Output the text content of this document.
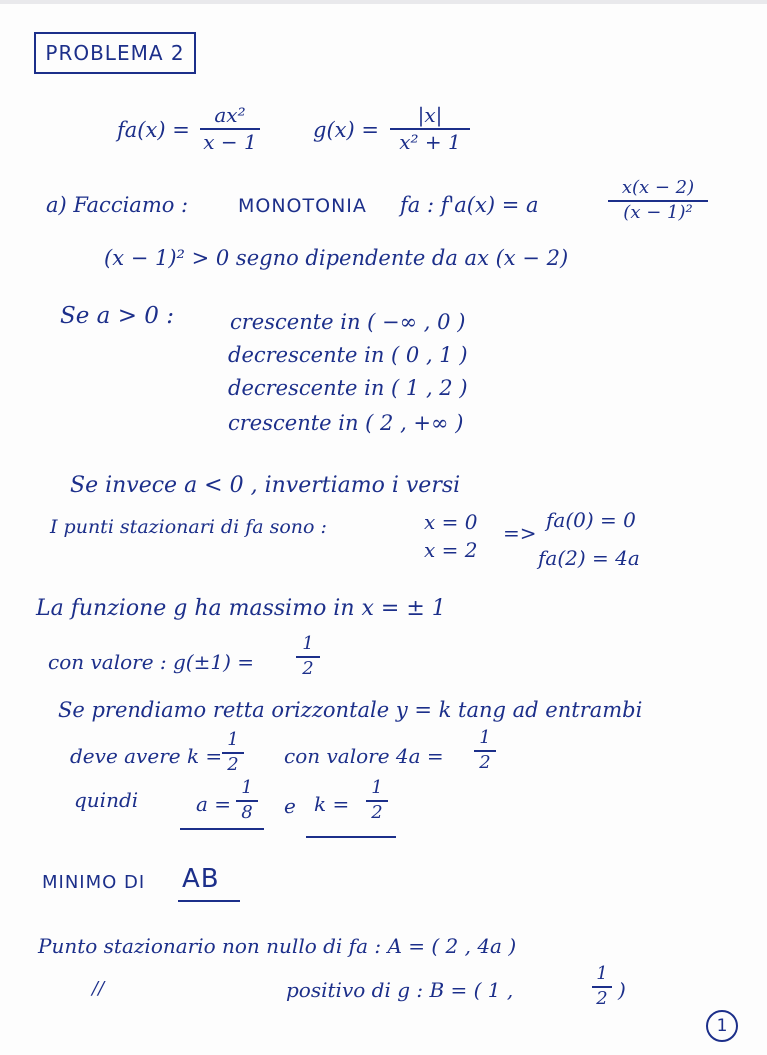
PROBLEMA 2
fa(x) =
ax²
x − 1	g(x) =
|x|
x² + 1
a) Facciamo :	MONOTONIA fa : f'a(x) = a
x(x − 2)
(x − 1)²
(x − 1)² > 0 segno dipendente da ax (x − 2)
Se a > 0 :	crescente in ( −∞ , 0 )
decrescente in ( 0 , 1 )
decrescente in ( 1 , 2 )
crescente in ( 2 , +∞ )
Se invece a < 0 , invertiamo i versi
I punti stazionari di fa sono :	x = 0
x = 2
=>
fa(0) = 0
fa(2) = 4a
La funzione g ha massimo in x = ± 1
con valore : g(±1) =
1
2
Se prendiamo retta orizzontale y = k tang ad entrambi
deve avere k =
1
2 con valore 4a =
1
2
quindi	a =
1
8 e k =
1
2
MINIMO DI AB
Punto stazionario non nullo di fa : A = ( 2 , 4a )
//	positivo di g : B = ( 1 ,
1
2 )
1
